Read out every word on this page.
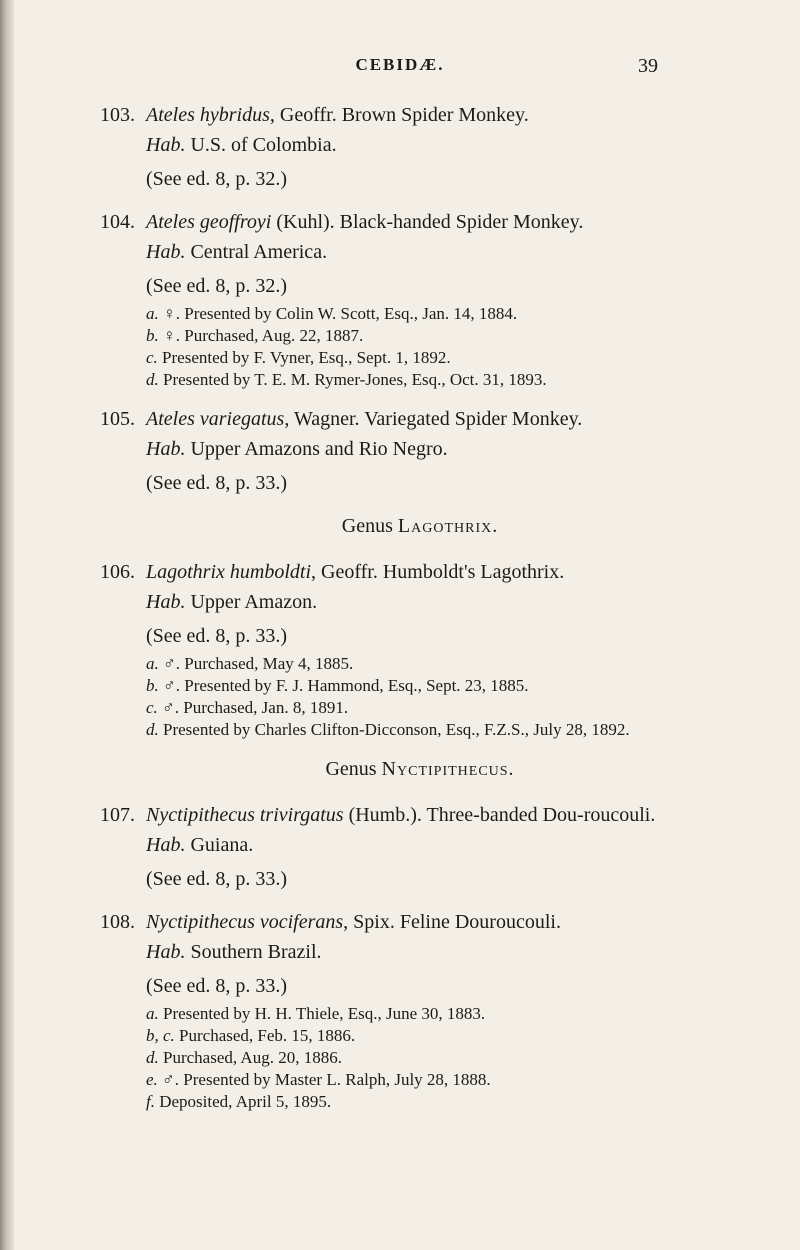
CEBIDÆ.	39
103. Ateles hybridus, Geoffr. Brown Spider Monkey.
Hab. U.S. of Colombia.
(See ed. 8, p. 32.)
104. Ateles geoffroyi (Kuhl). Black-handed Spider Monkey.
Hab. Central America.
(See ed. 8, p. 32.)
a. ♀. Presented by Colin W. Scott, Esq., Jan. 14, 1884.
b. ♀. Purchased, Aug. 22, 1887.
c. Presented by F. Vyner, Esq., Sept. 1, 1892.
d. Presented by T. E. M. Rymer-Jones, Esq., Oct. 31, 1893.
105. Ateles variegatus, Wagner. Variegated Spider Monkey.
Hab. Upper Amazons and Rio Negro.
(See ed. 8, p. 33.)
Genus Lagothrix.
106. Lagothrix humboldti, Geoffr. Humboldt's Lagothrix.
Hab. Upper Amazon.
(See ed. 8, p. 33.)
a. ♂. Purchased, May 4, 1885.
b. ♂. Presented by F. J. Hammond, Esq., Sept. 23, 1885.
c. ♂. Purchased, Jan. 8, 1891.
d. Presented by Charles Clifton-Dicconson, Esq., F.Z.S., July 28, 1892.
Genus Nyctipithecus.
107. Nyctipithecus trivirgatus (Humb.). Three-banded Dou-roucouli.
Hab. Guiana.
(See ed. 8, p. 33.)
108. Nyctipithecus vociferans, Spix. Feline Douroucouli.
Hab. Southern Brazil.
(See ed. 8, p. 33.)
a. Presented by H. H. Thiele, Esq., June 30, 1883.
b, c. Purchased, Feb. 15, 1886.
d. Purchased, Aug. 20, 1886.
e. ♂. Presented by Master L. Ralph, July 28, 1888.
f. Deposited, April 5, 1895.
